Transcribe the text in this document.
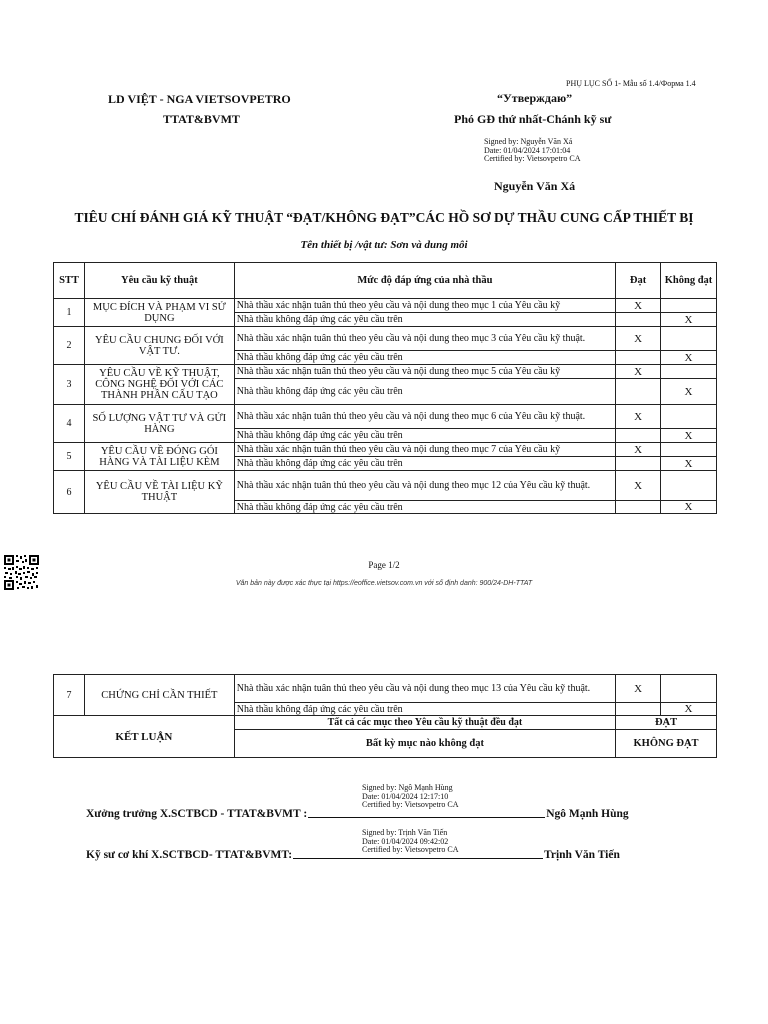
PHỤ LỤC SỐ 1- Mẫu số 1.4/Форма 1.4
LD VIỆT - NGA VIETSOVPETRO
TTAT&BVMT
“Утверждаю”
Phó GĐ thứ nhất-Chánh kỹ sư
Signed by: Nguyễn Văn Xá
Date: 01/04/2024 17:01:04
Certified by: Vietsovpetro CA
Nguyễn Văn Xá
TIÊU CHÍ ĐÁNH GIÁ KỸ THUẬT “ĐẠT/KHÔNG ĐẠT”CÁC HỒ SƠ DỰ THẦU CUNG CẤP THIẾT BỊ
Tên thiết bị /vật tư: Sơn và dung môi
STT	Yêu cầu kỹ thuật	Mức độ đáp ứng của nhà thầu	Đạt	Không đạt
1	MỤC ĐÍCH VÀ PHẠM VI SỬ DỤNG	Nhà thầu xác nhận tuân thủ theo yêu cầu và nội dung theo mục 1 của Yêu cầu kỹ	X	
		Nhà thầu không đáp ứng các yêu cầu trên		X
2	YÊU CẦU CHUNG ĐỐI VỚI VẬT TƯ.	Nhà thầu xác nhận tuân thủ theo yêu cầu và nội dung theo mục 3 của Yêu cầu kỹ thuật.	X	
		Nhà thầu không đáp ứng các yêu cầu trên		X
3	YÊU CẦU VỀ KỸ THUẬT, CÔNG NGHỆ ĐỐI VỚI CÁC THÀNH PHẦN CẤU TẠO	Nhà thầu xác nhận tuân thủ theo yêu cầu và nội dung theo mục 5 của Yêu cầu kỹ	X	
		Nhà thầu không đáp ứng các yêu cầu trên		X
4	SỐ LƯỢNG VẬT TƯ VÀ GỬI HÀNG	Nhà thầu xác nhận tuân thủ theo yêu cầu và nội dung theo mục 6 của Yêu cầu kỹ thuật.	X	
		Nhà thầu không đáp ứng các yêu cầu trên		X
5	YÊU CẦU VỀ ĐÓNG GÓI HÀNG VÀ TÀI LIỆU KÈM	Nhà thầu xác nhận tuân thủ theo yêu cầu và nội dung theo mục 7 của Yêu cầu kỹ	X	
		Nhà thầu không đáp ứng các yêu cầu trên		X
6	YÊU CẦU VỀ TÀI LIỆU KỸ THUẬT	Nhà thầu xác nhận tuân thủ theo yêu cầu và nội dung theo mục 12 của Yêu cầu kỹ thuật.	X	
		Nhà thầu không đáp ứng các yêu cầu trên		X
Page 1/2
Văn bản này được xác thực tại https://eoffice.vietsov.com.vn với số định danh: 900/24-DH-TTAT
7	CHỨNG CHỈ CẦN THIẾT	Nhà thầu xác nhận tuân thủ theo yêu cầu và nội dung theo mục 13 của Yêu cầu kỹ thuật.	X	
		Nhà thầu không đáp ứng các yêu cầu trên		X
KẾT LUẬN		Tất cả các mục theo Yêu cầu kỹ thuật đều đạt	ĐẠT	
		Bất kỳ mục nào không đạt	KHÔNG ĐẠT	
Signed by: Ngô Mạnh Hùng
Date: 01/04/2024 12:17:10
Certified by: Vietsovpetro CA
Xưởng trưởng X.SCTBCD - TTAT&BVMT :	Ngô Mạnh Hùng
Signed by: Trịnh Văn Tiến
Date: 01/04/2024 09:42:02
Certified by: Vietsovpetro CA
Kỹ sư cơ khí X.SCTBCD- TTAT&BVMT:	Trịnh Văn Tiến
